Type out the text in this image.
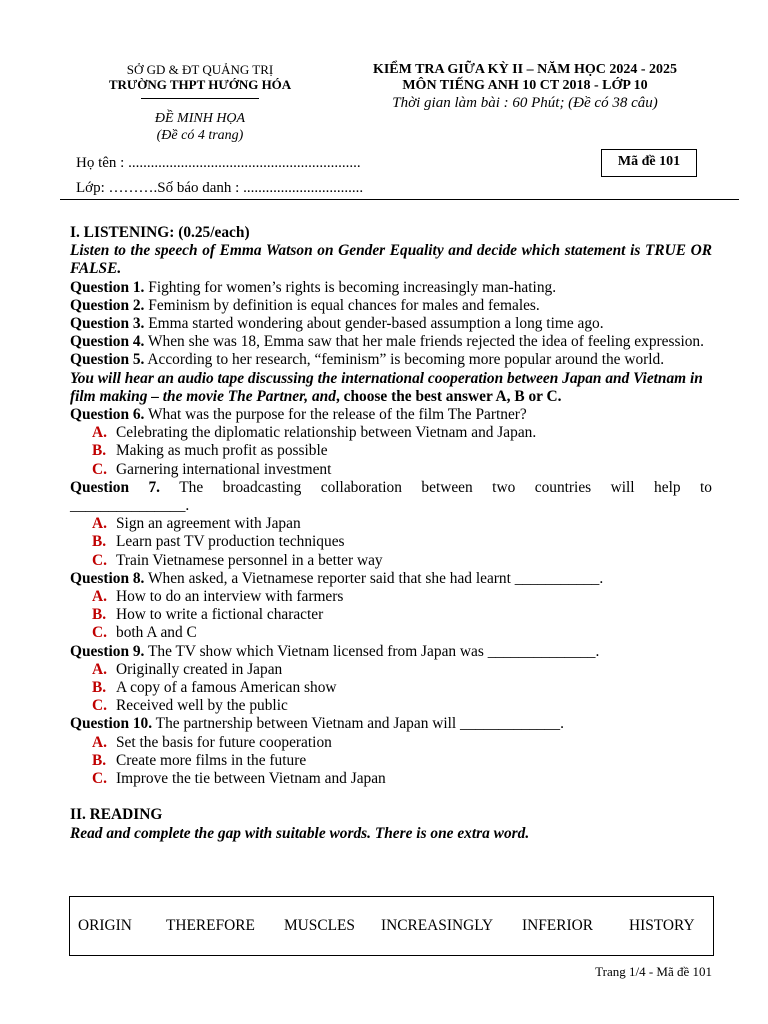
SỞ GD & ĐT QUẢNG TRỊ
TRƯỜNG THPT HƯỚNG HÓA
ĐỀ MINH HỌA
(Đề có 4 trang)
KIỂM TRA GIỮA KỲ II – NĂM HỌC 2024 - 2025
MÔN TIẾNG ANH 10 CT 2018 - LỚP 10
Thời gian làm bài : 60 Phút; (Đề có 38 câu)
Họ tên : ..............................................................
Lớp: ……….Số báo danh : ................................
Mã đề 101

I. LISTENING: (0.25/each)

Listen to the speech of Emma Watson on Gender Equality and decide which statement is TRUE OR FALSE.

Question 1. Fighting for women’s rights is becoming increasingly man-hating.

Question 2. Feminism by definition is equal chances for males and females.

Question 3. Emma started wondering about gender-based assumption a long time ago.

Question 4. When she was 18, Emma saw that her male friends rejected the idea of feeling expression.

Question 5. According to her research, “feminism” is becoming more popular around the world.

You will hear an audio tape discussing the international cooperation between Japan and Vietnam in film making – the movie The Partner, and, choose the best answer A, B or C.

Question 6. What was the purpose for the release of the film The Partner?

A. Celebrating the diplomatic relationship between Vietnam and Japan.
B. Making as much profit as possible
C. Garnering international investment

Question 7. The broadcasting collaboration between two countries will help to

_______________.

A. Sign an agreement with Japan
B. Learn past TV production techniques
C. Train Vietnamese personnel in a better way

Question 8. When asked, a Vietnamese reporter said that she had learnt ___________.

A. How to do an interview with farmers
B. How to write a fictional character
C. both A and C

Question 9. The TV show which Vietnam licensed from Japan was ______________.

A. Originally created in Japan
B. A copy of a famous American show
C. Received well by the public

Question 10. The partnership between Vietnam and Japan will _____________.

A. Set the basis for future cooperation
B. Create more films in the future
C. Improve the tie between Vietnam and Japan

II. READING

Read and complete the gap with suitable words. There is one extra word.

ORIGIN THEREFORE MUSCLES INCREASINGLY INFERIOR HISTORY
Trang 1/4 - Mã đề 101
